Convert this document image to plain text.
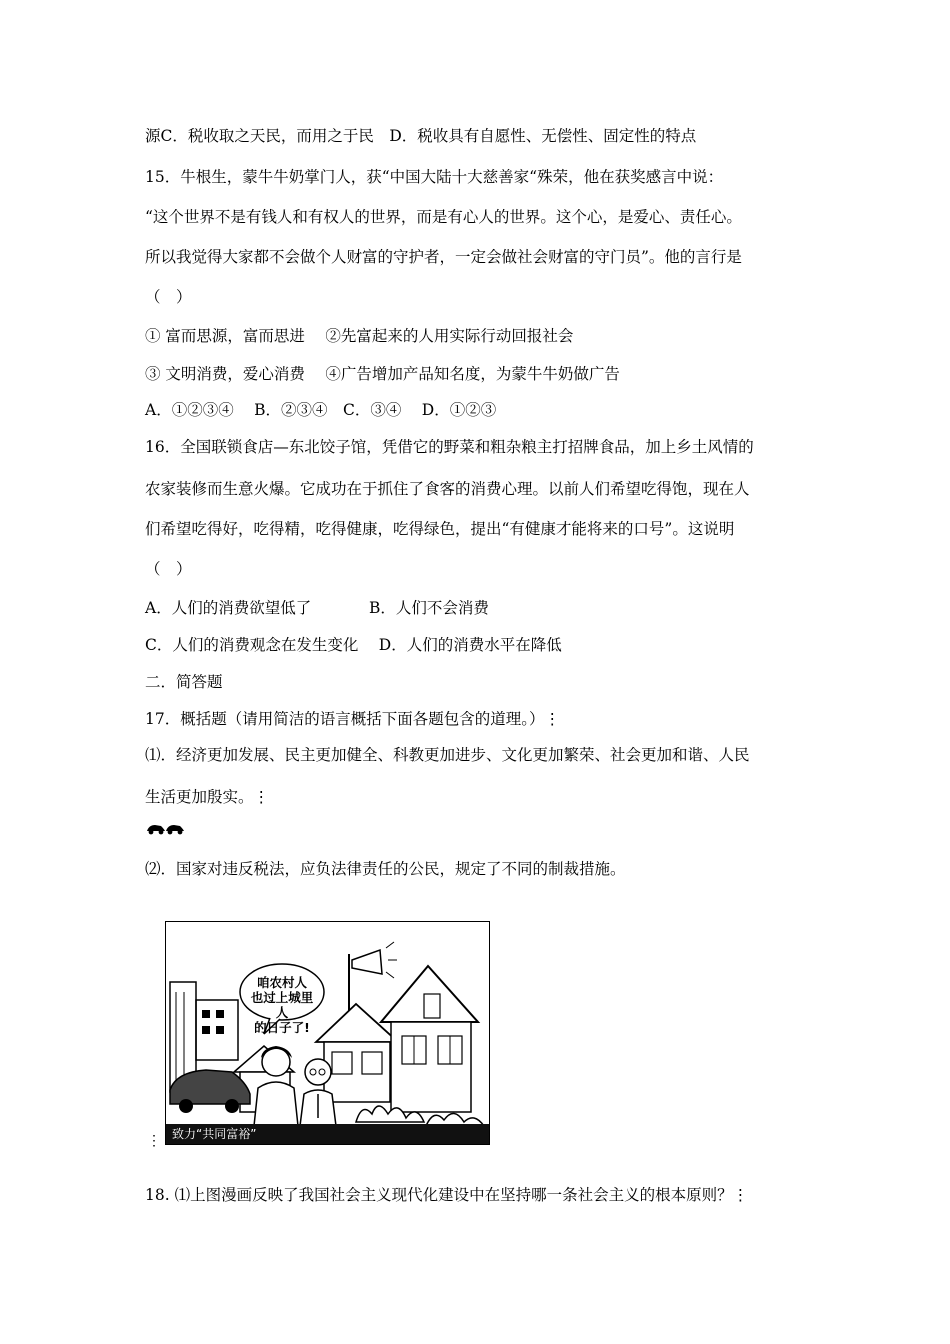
源C．税收取之天民，而用之于民　D．税收具有自愿性、无偿性、固定性的特点
15．牛根生，蒙牛牛奶掌门人，获“中国大陆十大慈善家“殊荣，他在获奖感言中说：
“这个世界不是有钱人和有权人的世界，而是有心人的世界。这个心，是爱心、责任心。
所以我觉得大家都不会做个人财富的守护者，一定会做社会财富的守门员”。他的言行是
（　）
① 富而思源，富而思进　 ②先富起来的人用实际行动回报社会
③ 文明消费，爱心消费　 ④广告增加产品知名度，为蒙牛牛奶做广告
A．①②③④　 B．②③④　C．③④　 D．①②③
16．全国联锁食店—东北饺子馆，凭借它的野菜和粗杂粮主打招牌食品，加上乡土风情的
农家装修而生意火爆。它成功在于抓住了食客的消费心理。以前人们希望吃得饱，现在人
们希望吃得好，吃得精，吃得健康，吃得绿色，提出“有健康才能将来的口号”。这说明
（　）
A．人们的消费欲望低了	B．人们不会消费
C．人们的消费观念在发生变化　 D．人们的消费水平在降低
二．简答题
17．概括题（请用简洁的语言概括下面各题包含的道理。）⋮
⑴．经济更加发展、民主更加健全、科教更加进步、文化更加繁荣、社会更加和谐、人民
生活更加殷实。⋮
⑵．国家对违反税法，应负法律责任的公民，规定了不同的制裁措施。
咱农村人
也过上城里人
的日子了!
致力“共同富裕”
⋮
18. ⑴上图漫画反映了我国社会主义现代化建设中在坚持哪一条社会主义的根本原则？⋮
